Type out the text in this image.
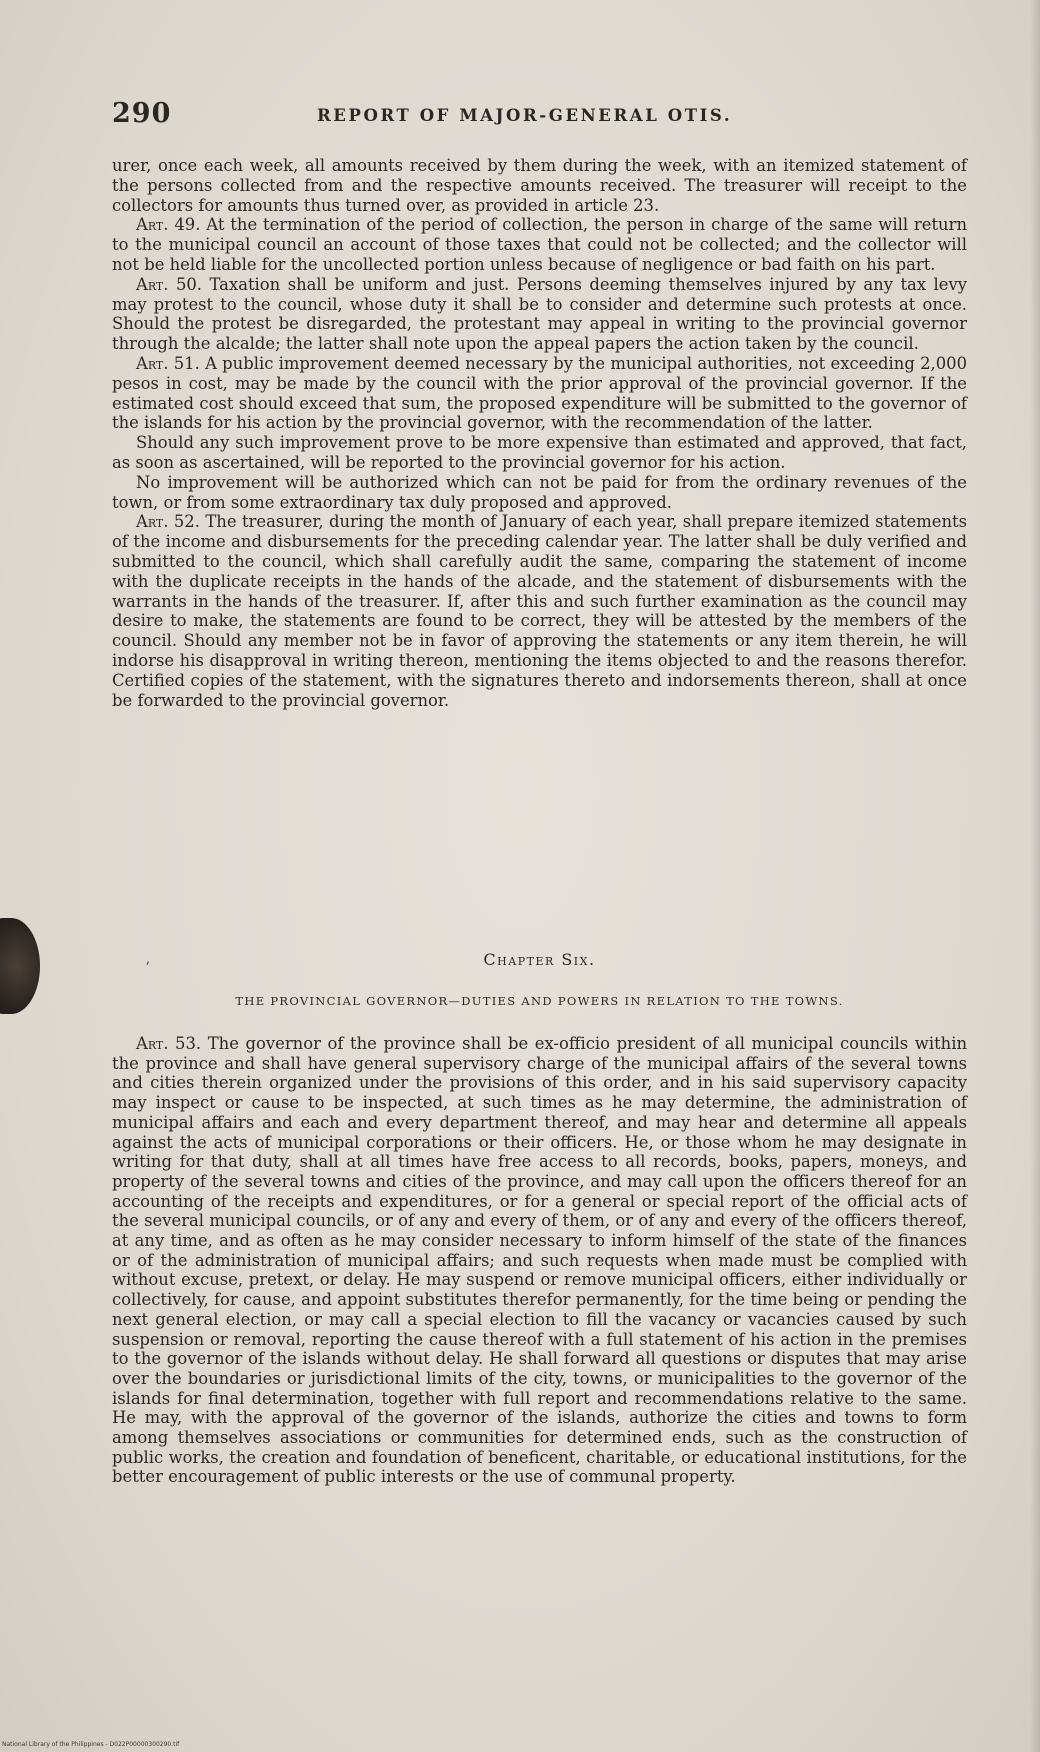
ʼ
290	REPORT OF MAJOR-GENERAL OTIS.

urer, once each week, all amounts received by them during the week, with an itemized statement of the persons collected from and the respective amounts received. The treasurer will receipt to the collectors for amounts thus turned over, as provided in article 23.

Art. 49. At the termination of the period of collection, the person in charge of the same will return to the municipal council an account of those taxes that could not be collected; and the collector will not be held liable for the uncollected portion unless because of negligence or bad faith on his part.

Art. 50. Taxation shall be uniform and just. Persons deeming themselves injured by any tax levy may protest to the council, whose duty it shall be to consider and determine such protests at once. Should the protest be disregarded, the protestant may appeal in writing to the provincial governor through the alcalde; the latter shall note upon the appeal papers the action taken by the council.

Art. 51. A public improvement deemed necessary by the municipal authorities, not exceeding 2,000 pesos in cost, may be made by the council with the prior approval of the provincial governor. If the estimated cost should exceed that sum, the proposed expenditure will be submitted to the governor of the islands for his action by the provincial governor, with the recommendation of the latter.

Should any such improvement prove to be more expensive than estimated and approved, that fact, as soon as ascertained, will be reported to the provincial governor for his action.

No improvement will be authorized which can not be paid for from the ordinary revenues of the town, or from some extraordinary tax duly proposed and approved.

Art. 52. The treasurer, during the month of January of each year, shall prepare itemized statements of the income and disbursements for the preceding calendar year. The latter shall be duly verified and submitted to the council, which shall carefully audit the same, comparing the statement of income with the duplicate receipts in the hands of the alcade, and the statement of disbursements with the warrants in the hands of the treasurer. If, after this and such further examination as the council may desire to make, the statements are found to be correct, they will be attested by the members of the council. Should any member not be in favor of approving the statements or any item therein, he will indorse his disapproval in writing thereon, mentioning the items objected to and the reasons therefor. Certified copies of the statement, with the signatures thereto and indorsements thereon, shall at once be forwarded to the provincial governor.

Chapter Six.
THE PROVINCIAL GOVERNOR—DUTIES AND POWERS IN RELATION TO THE TOWNS.

Art. 53. The governor of the province shall be ex-officio president of all municipal councils within the province and shall have general supervisory charge of the municipal affairs of the several towns and cities therein organized under the provisions of this order, and in his said supervisory capacity may inspect or cause to be inspected, at such times as he may determine, the administration of municipal affairs and each and every department thereof, and may hear and determine all appeals against the acts of municipal corporations or their officers. He, or those whom he may designate in writing for that duty, shall at all times have free access to all records, books, papers, moneys, and property of the several towns and cities of the province, and may call upon the officers thereof for an accounting of the receipts and expenditures, or for a general or special report of the official acts of the several municipal councils, or of any and every of them, or of any and every of the officers thereof, at any time, and as often as he may consider necessary to inform himself of the state of the finances or of the administration of municipal affairs; and such requests when made must be complied with without excuse, pretext, or delay. He may suspend or remove municipal officers, either individually or collectively, for cause, and appoint substitutes therefor permanently, for the time being or pending the next general election, or may call a special election to fill the vacancy or vacancies caused by such suspension or removal, reporting the cause thereof with a full statement of his action in the premises to the governor of the islands without delay. He shall forward all questions or disputes that may arise over the boundaries or jurisdictional limits of the city, towns, or municipalities to the governor of the islands for final determination, together with full report and recommendations relative to the same. He may, with the approval of the governor of the islands, authorize the cities and towns to form among themselves associations or communities for determined ends, such as the construction of public works, the creation and foundation of beneficent, charitable, or educational institutions, for the better encouragement of public interests or the use of communal property.

National Library of the Philippines - D022P00000300290.tif
